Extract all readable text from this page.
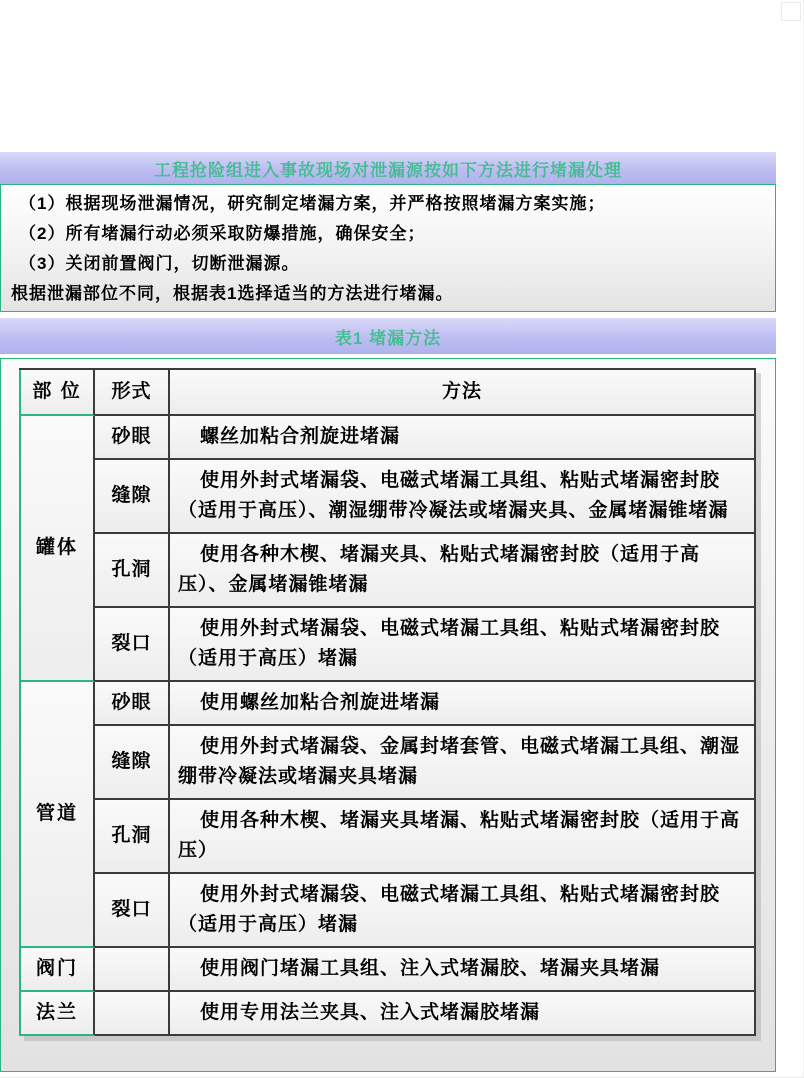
工程抢险组进入事故现场对泄漏源按如下方法进行堵漏处理
（1）根据现场泄漏情况，研究制定堵漏方案，并严格按照堵漏方案实施；
（2）所有堵漏行动必须采取防爆措施，确保安全；
（3）关闭前置阀门，切断泄漏源。
根据泄漏部位不同，根据表1选择适当的方法进行堵漏。
表1 堵漏方法
部 位	形式	方法
罐体	砂眼	螺丝加粘合剂旋进堵漏
	缝隙	使用外封式堵漏袋、电磁式堵漏工具组、粘贴式堵漏密封胶（适用于高压）、潮湿绷带冷凝法或堵漏夹具、金属堵漏锥堵漏
	孔洞	使用各种木楔、堵漏夹具、粘贴式堵漏密封胶（适用于高压）、金属堵漏锥堵漏
	裂口	使用外封式堵漏袋、电磁式堵漏工具组、粘贴式堵漏密封胶（适用于高压）堵漏
管道	砂眼	使用螺丝加粘合剂旋进堵漏
	缝隙	使用外封式堵漏袋、金属封堵套管、电磁式堵漏工具组、潮湿绷带冷凝法或堵漏夹具堵漏
	孔洞	使用各种木楔、堵漏夹具堵漏、粘贴式堵漏密封胶（适用于高压）
	裂口	使用外封式堵漏袋、电磁式堵漏工具组、粘贴式堵漏密封胶（适用于高压）堵漏
阀门		使用阀门堵漏工具组、注入式堵漏胶、堵漏夹具堵漏
法兰		使用专用法兰夹具、注入式堵漏胶堵漏
